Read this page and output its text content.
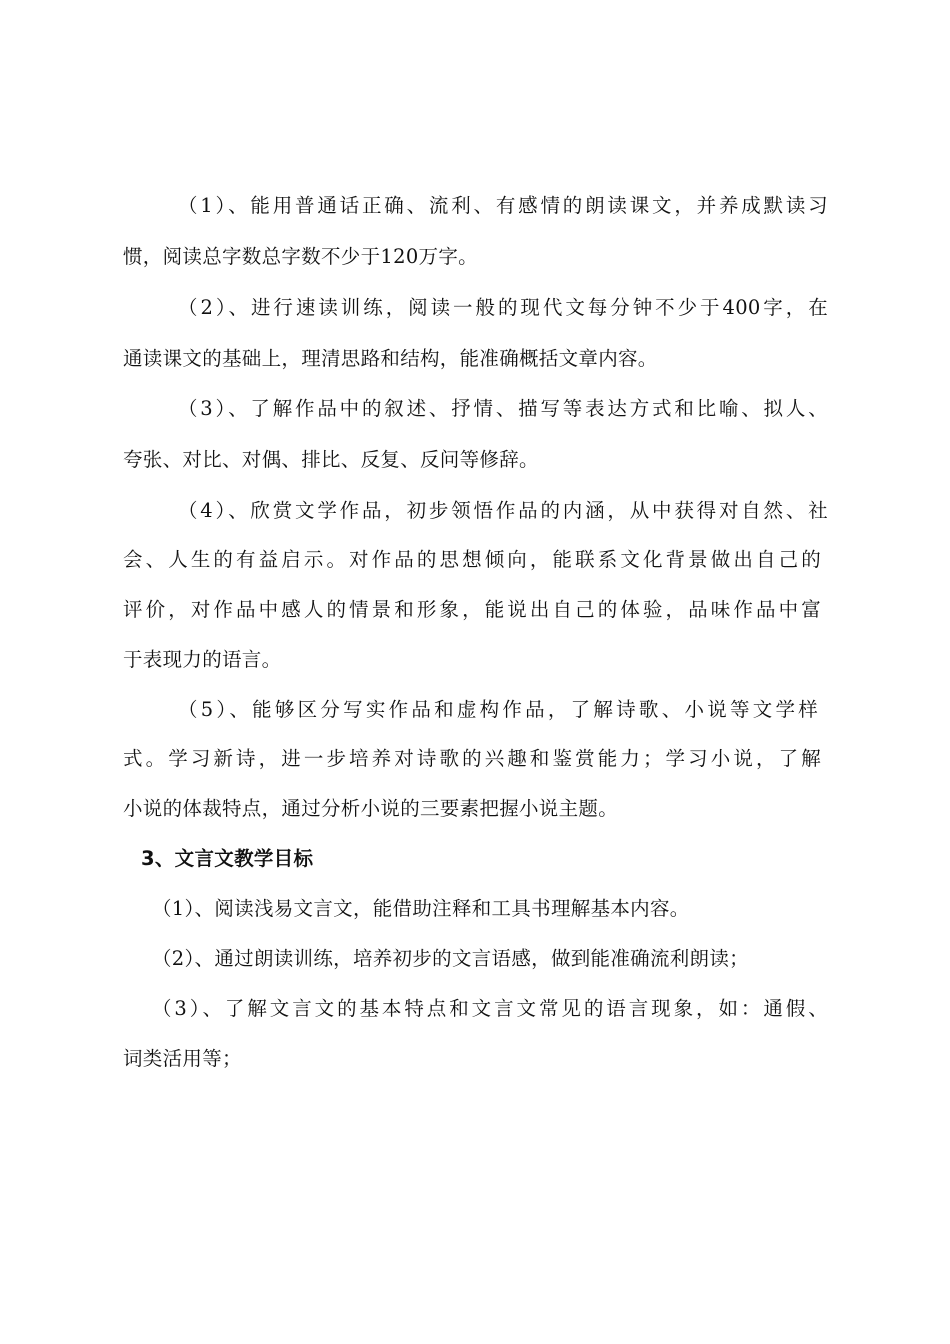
（1）、能用普通话正确、流利、有感情的朗读课文，并养成默读习
惯，阅读总字数总字数不少于120万字。
（2）、进行速读训练，阅读一般的现代文每分钟不少于400字，在
通读课文的基础上，理清思路和结构，能准确概括文章内容。
（3）、了解作品中的叙述、抒情、描写等表达方式和比喻、拟人、
夸张、对比、对偶、排比、反复、反问等修辞。
（4）、欣赏文学作品，初步领悟作品的内涵，从中获得对自然、社
会、人生的有益启示。对作品的思想倾向，能联系文化背景做出自己的
评价，对作品中感人的情景和形象，能说出自己的体验，品味作品中富
于表现力的语言。
（5）、能够区分写实作品和虚构作品，了解诗歌、小说等文学样
式。学习新诗，进一步培养对诗歌的兴趣和鉴赏能力；学习小说，了解
小说的体裁特点，通过分析小说的三要素把握小说主题。
3、文言文教学目标
（1）、阅读浅易文言文，能借助注释和工具书理解基本内容。
（2）、通过朗读训练，培养初步的文言语感，做到能准确流利朗读；
（3）、了解文言文的基本特点和文言文常见的语言现象，如：通假、
词类活用等；
